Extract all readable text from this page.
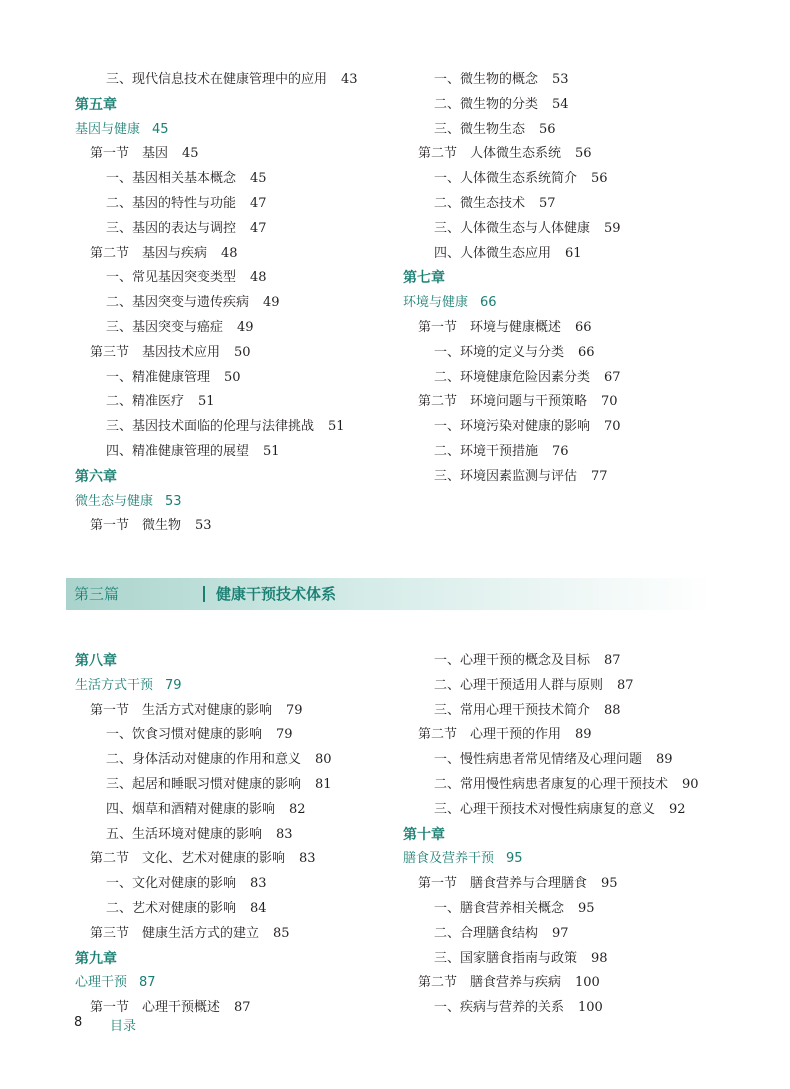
三、现代信息技术在健康管理中的应用 43
第五章
基因与健康 45
第一节　基因 45
一、基因相关基本概念 45
二、基因的特性与功能 47
三、基因的表达与调控 47
第二节　基因与疾病 48
一、常见基因突变类型 48
二、基因突变与遗传疾病 49
三、基因突变与癌症 49
第三节　基因技术应用 50
一、精准健康管理 50
二、精准医疗 51
三、基因技术面临的伦理与法律挑战 51
四、精准健康管理的展望 51
第六章
微生态与健康 53
第一节　微生物 53
一、微生物的概念 53
二、微生物的分类 54
三、微生物生态 56
第二节　人体微生态系统 56
一、人体微生态系统简介 56
二、微生态技术 57
三、人体微生态与人体健康 59
四、人体微生态应用 61
第七章
环境与健康 66
第一节　环境与健康概述 66
一、环境的定义与分类 66
二、环境健康危险因素分类 67
第二节　环境问题与干预策略 70
一、环境污染对健康的影响 70
二、环境干预措施 76
三、环境因素监测与评估 77
第三篇	健康干预技术体系
第八章
生活方式干预 79
第一节　生活方式对健康的影响 79
一、饮食习惯对健康的影响 79
二、身体活动对健康的作用和意义 80
三、起居和睡眠习惯对健康的影响 81
四、烟草和酒精对健康的影响 82
五、生活环境对健康的影响 83
第二节　文化、艺术对健康的影响 83
一、文化对健康的影响 83
二、艺术对健康的影响 84
第三节　健康生活方式的建立 85
第九章
心理干预 87
第一节　心理干预概述 87
一、心理干预的概念及目标 87
二、心理干预适用人群与原则 87
三、常用心理干预技术简介 88
第二节　心理干预的作用 89
一、慢性病患者常见情绪及心理问题 89
二、常用慢性病患者康复的心理干预技术 90
三、心理干预技术对慢性病康复的意义 92
第十章
膳食及营养干预 95
第一节　膳食营养与合理膳食 95
一、膳食营养相关概念 95
二、合理膳食结构 97
三、国家膳食指南与政策 98
第二节　膳食营养与疾病 100
一、疾病与营养的关系 100
8 目录
